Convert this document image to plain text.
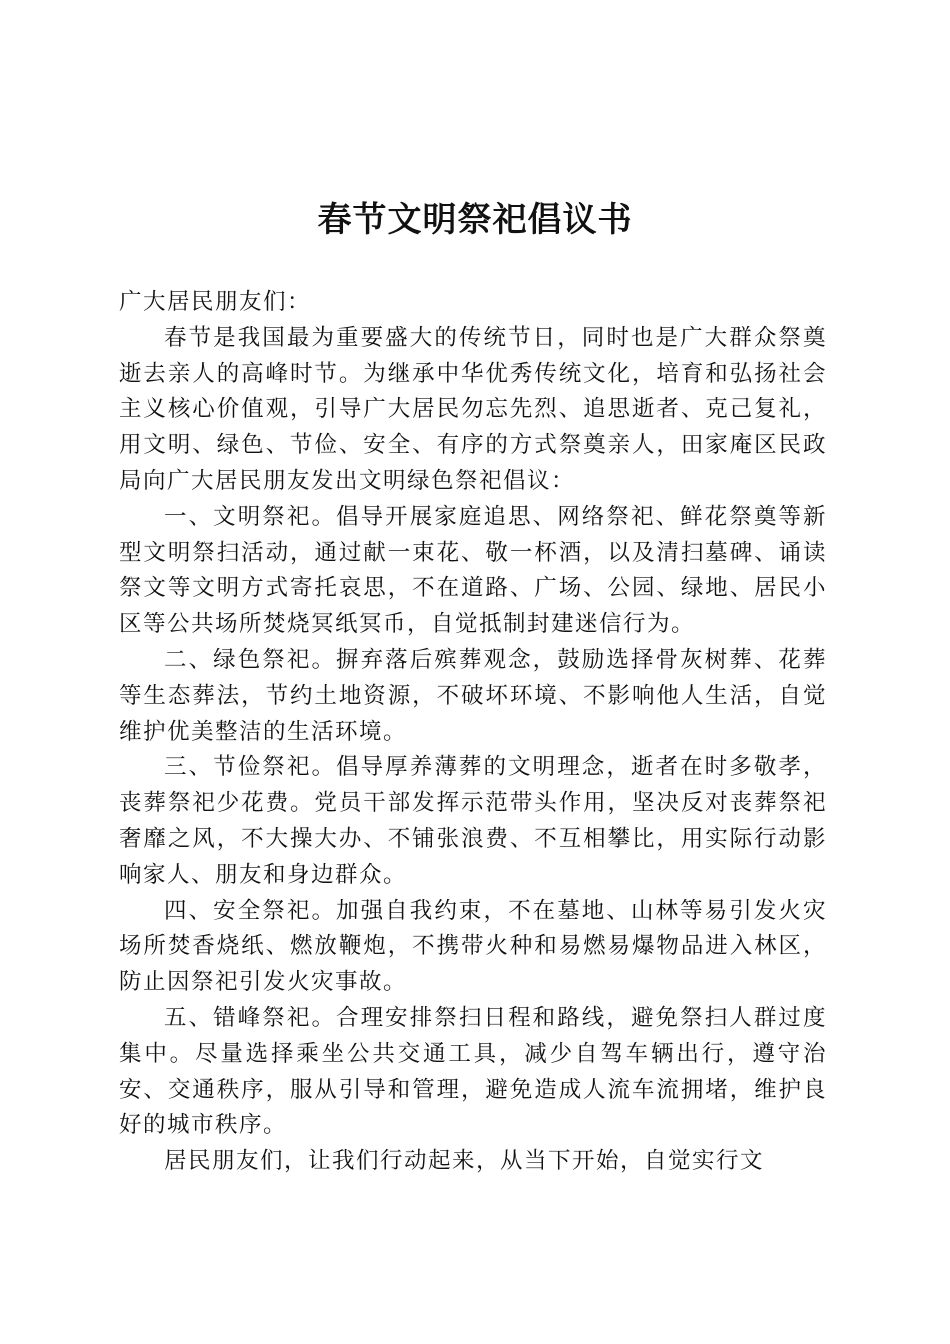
春节文明祭祀倡议书

广大居民朋友们：

春节是我国最为重要盛大的传统节日，同时也是广大群众祭奠逝去亲人的高峰时节。为继承中华优秀传统文化，培育和弘扬社会主义核心价值观，引导广大居民勿忘先烈、追思逝者、克己复礼，用文明、绿色、节俭、安全、有序的方式祭奠亲人，田家庵区民政局向广大居民朋友发出文明绿色祭祀倡议：

一、文明祭祀。倡导开展家庭追思、网络祭祀、鲜花祭奠等新型文明祭扫活动，通过献一束花、敬一杯酒，以及清扫墓碑、诵读祭文等文明方式寄托哀思，不在道路、广场、公园、绿地、居民小区等公共场所焚烧冥纸冥币，自觉抵制封建迷信行为。

二、绿色祭祀。摒弃落后殡葬观念，鼓励选择骨灰树葬、花葬等生态葬法，节约土地资源，不破坏环境、不影响他人生活，自觉维护优美整洁的生活环境。

三、节俭祭祀。倡导厚养薄葬的文明理念，逝者在时多敬孝，丧葬祭祀少花费。党员干部发挥示范带头作用，坚决反对丧葬祭祀奢靡之风，不大操大办、不铺张浪费、不互相攀比，用实际行动影响家人、朋友和身边群众。

四、安全祭祀。加强自我约束，不在墓地、山林等易引发火灾场所焚香烧纸、燃放鞭炮，不携带火种和易燃易爆物品进入林区，防止因祭祀引发火灾事故。

五、错峰祭祀。合理安排祭扫日程和路线，避免祭扫人群过度集中。尽量选择乘坐公共交通工具，减少自驾车辆出行，遵守治安、交通秩序，服从引导和管理，避免造成人流车流拥堵，维护良好的城市秩序。

居民朋友们，让我们行动起来，从当下开始，自觉实行文
